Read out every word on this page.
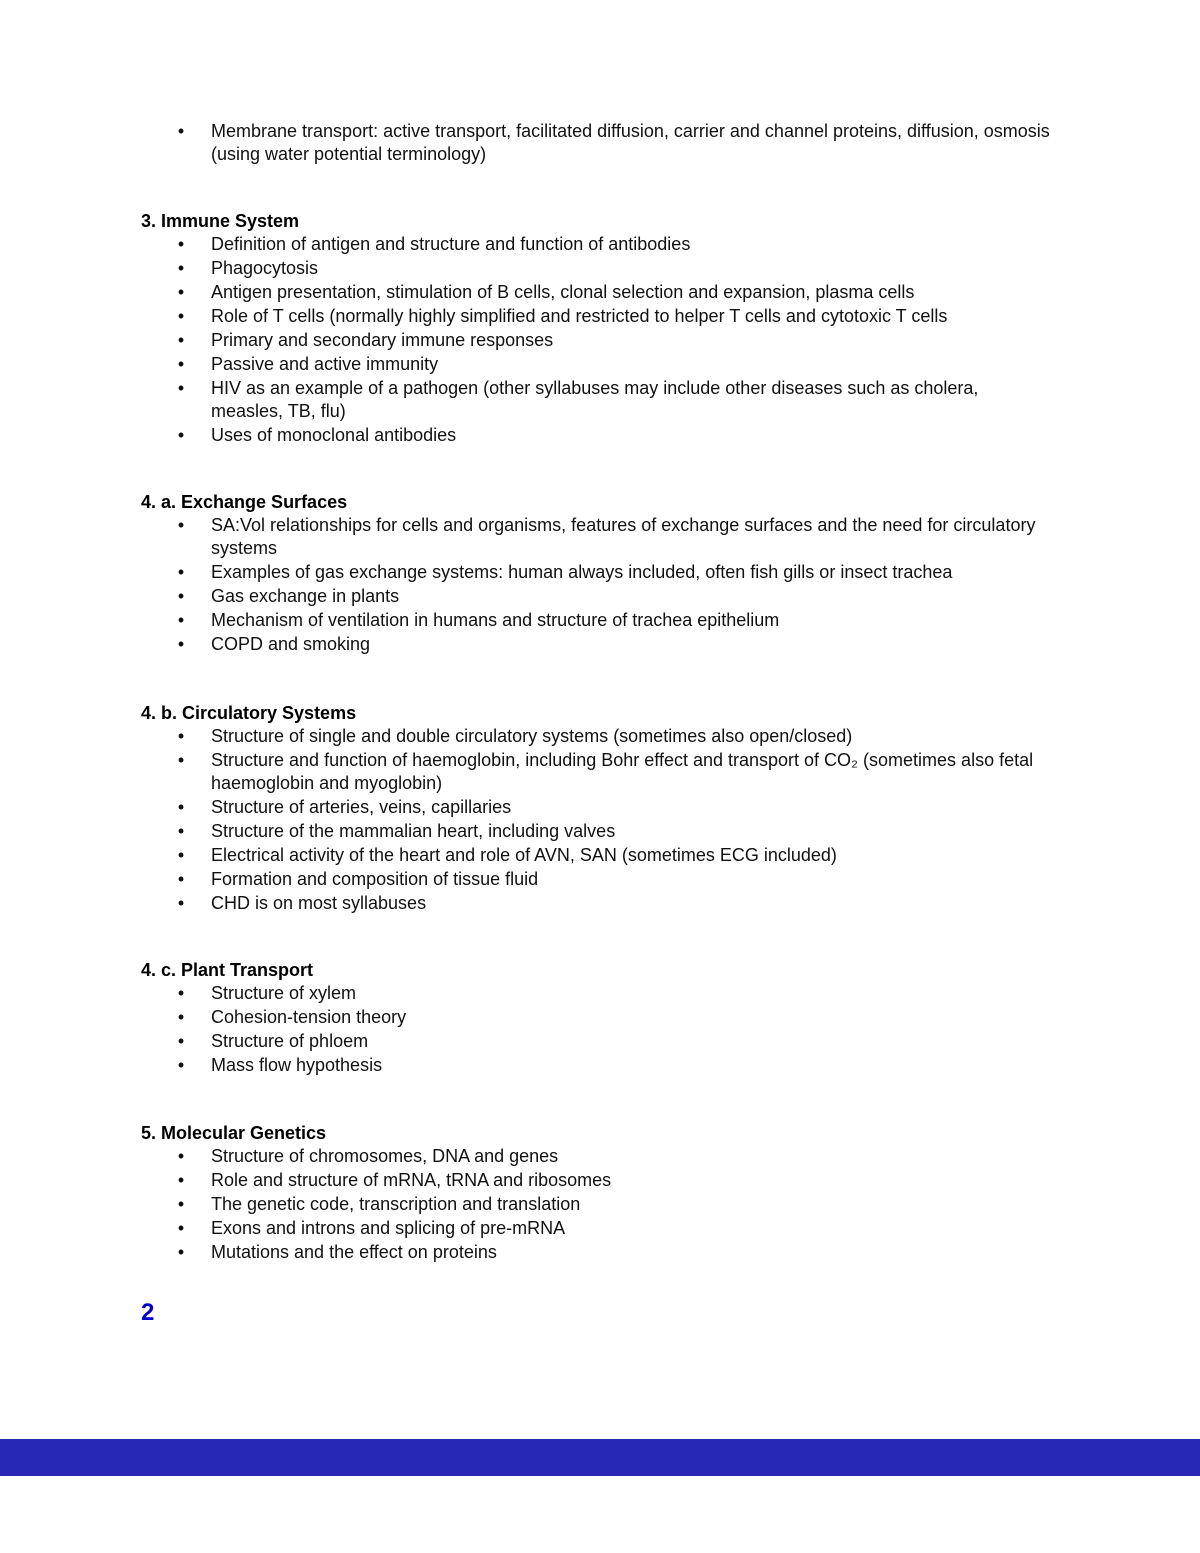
• Membrane transport: active transport, facilitated diffusion, carrier and channel proteins, diffusion, osmosis (using water potential terminology)
3. Immune System
• Definition of antigen and structure and function of antibodies
• Phagocytosis
• Antigen presentation, stimulation of B cells, clonal selection and expansion, plasma cells
• Role of T cells (normally highly simplified and restricted to helper T cells and cytotoxic T cells
• Primary and secondary immune responses
• Passive and active immunity
• HIV as an example of a pathogen (other syllabuses may include other diseases such as cholera, measles, TB, flu)
• Uses of monoclonal antibodies
4. a. Exchange Surfaces
• SA:Vol relationships for cells and organisms, features of exchange surfaces and the need for circulatory systems
• Examples of gas exchange systems: human always included, often fish gills or insect trachea
• Gas exchange in plants
• Mechanism of ventilation in humans and structure of trachea epithelium
• COPD and smoking
4. b. Circulatory Systems
• Structure of single and double circulatory systems (sometimes also open/closed)
• Structure and function of haemoglobin, including Bohr effect and transport of CO₂ (sometimes also fetal haemoglobin and myoglobin)
• Structure of arteries, veins, capillaries
• Structure of the mammalian heart, including valves
• Electrical activity of the heart and role of AVN, SAN (sometimes ECG included)
• Formation and composition of tissue fluid
• CHD is on most syllabuses
4. c. Plant Transport
• Structure of xylem
• Cohesion-tension theory
• Structure of phloem
• Mass flow hypothesis
5. Molecular Genetics
• Structure of chromosomes, DNA and genes
• Role and structure of mRNA, tRNA and ribosomes
• The genetic code, transcription and translation
• Exons and introns and splicing of pre-mRNA
• Mutations and the effect on proteins
2
